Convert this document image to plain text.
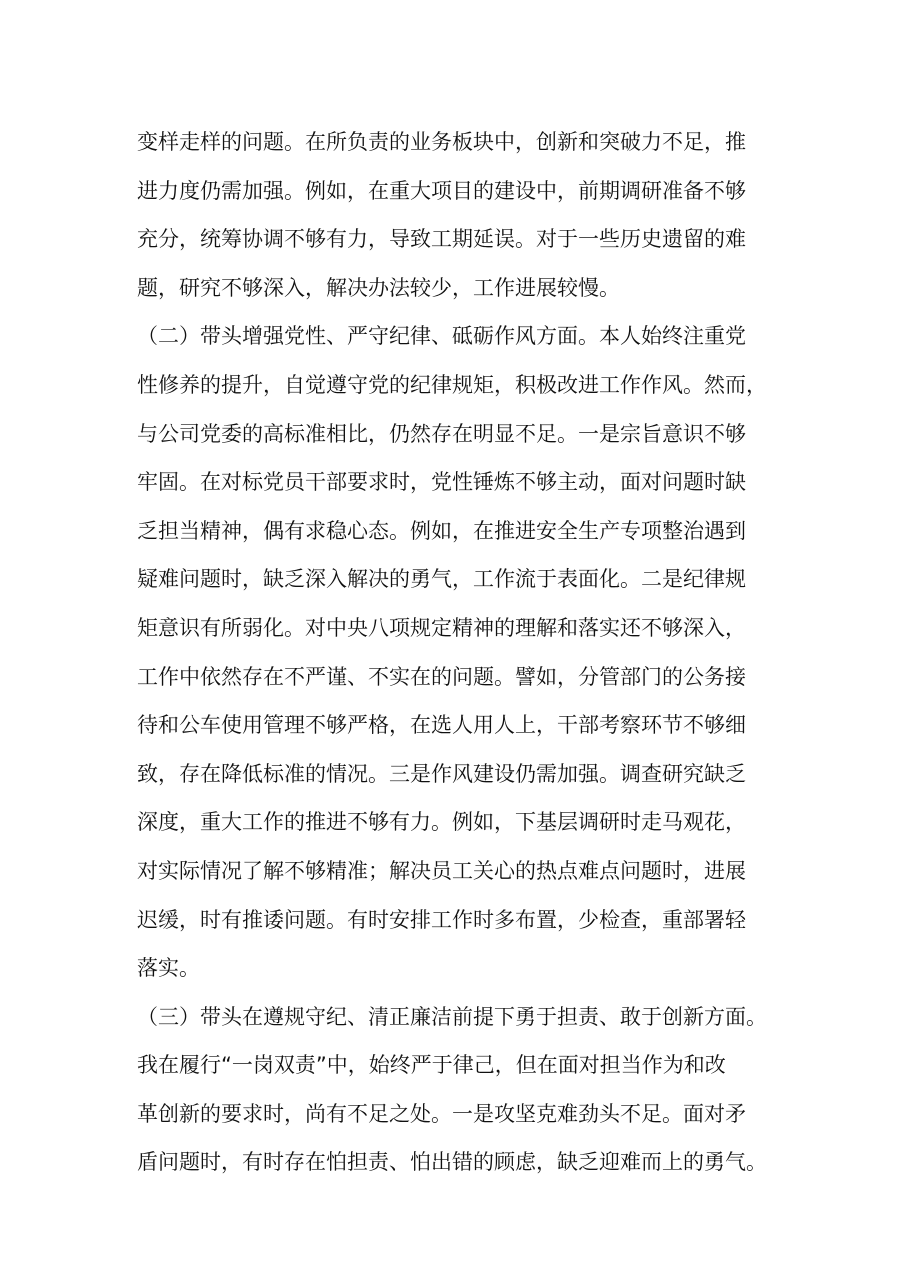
变样走样的问题。在所负责的业务板块中，创新和突破力不足，推
进力度仍需加强。例如，在重大项目的建设中，前期调研准备不够
充分，统筹协调不够有力，导致工期延误。对于一些历史遗留的难
题，研究不够深入，解决办法较少，工作进展较慢。
（二）带头增强党性、严守纪律、砥砺作风方面。本人始终注重党
性修养的提升，自觉遵守党的纪律规矩，积极改进工作作风。然而，
与公司党委的高标准相比，仍然存在明显不足。一是宗旨意识不够
牢固。在对标党员干部要求时，党性锤炼不够主动，面对问题时缺
乏担当精神，偶有求稳心态。例如，在推进安全生产专项整治遇到
疑难问题时，缺乏深入解决的勇气，工作流于表面化。二是纪律规
矩意识有所弱化。对中央八项规定精神的理解和落实还不够深入，
工作中依然存在不严谨、不实在的问题。譬如，分管部门的公务接
待和公车使用管理不够严格，在选人用人上，干部考察环节不够细
致，存在降低标准的情况。三是作风建设仍需加强。调查研究缺乏
深度，重大工作的推进不够有力。例如，下基层调研时走马观花，
对实际情况了解不够精准；解决员工关心的热点难点问题时，进展
迟缓，时有推诿问题。有时安排工作时多布置，少检查，重部署轻
落实。
（三）带头在遵规守纪、清正廉洁前提下勇于担责、敢于创新方面。
我在履行“一岗双责”中，始终严于律己，但在面对担当作为和改
革创新的要求时，尚有不足之处。一是攻坚克难劲头不足。面对矛
盾问题时，有时存在怕担责、怕出错的顾虑，缺乏迎难而上的勇气。
